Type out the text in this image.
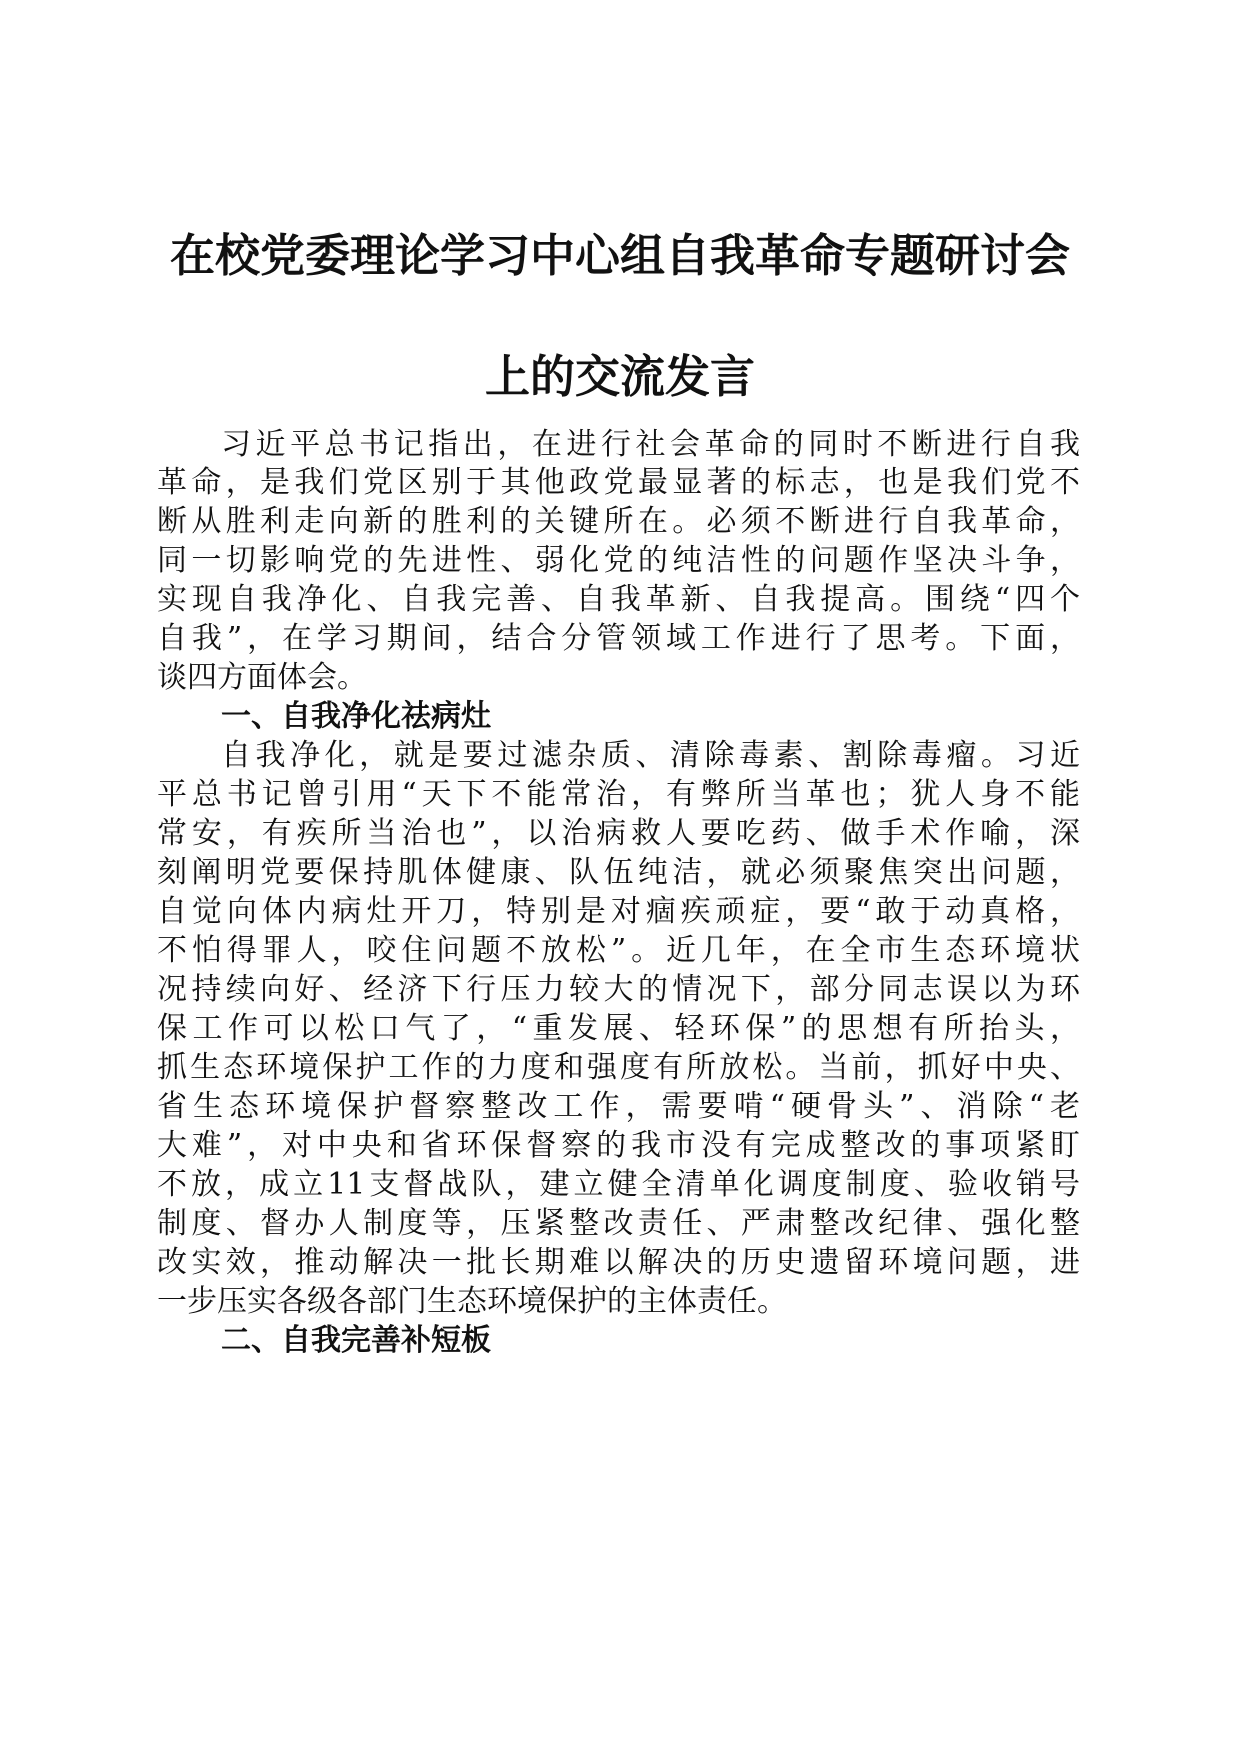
在校党委理论学习中心组自我革命专题研讨会
上的交流发言

习近平总书记指出，在进行社会革命的同时不断进行自我

革命，是我们党区别于其他政党最显著的标志，也是我们党不

断从胜利走向新的胜利的关键所在。必须不断进行自我革命，

同一切影响党的先进性、弱化党的纯洁性的问题作坚决斗争，

实现自我净化、自我完善、自我革新、自我提高。围绕“四个

自我”，在学习期间，结合分管领域工作进行了思考。下面，

谈四方面体会。

一、自我净化祛病灶

自我净化，就是要过滤杂质、清除毒素、割除毒瘤。习近

平总书记曾引用“天下不能常治，有弊所当革也；犹人身不能

常安，有疾所当治也”，以治病救人要吃药、做手术作喻，深

刻阐明党要保持肌体健康、队伍纯洁，就必须聚焦突出问题，

自觉向体内病灶开刀，特别是对痼疾顽症，要“敢于动真格，

不怕得罪人，咬住问题不放松”。近几年，在全市生态环境状

况持续向好、经济下行压力较大的情况下，部分同志误以为环

保工作可以松口气了，“重发展、轻环保”的思想有所抬头，

抓生态环境保护工作的力度和强度有所放松。当前，抓好中央、

省生态环境保护督察整改工作，需要啃“硬骨头”、消除“老

大难”，对中央和省环保督察的我市没有完成整改的事项紧盯

不放，成立11支督战队，建立健全清单化调度制度、验收销号

制度、督办人制度等，压紧整改责任、严肃整改纪律、强化整

改实效，推动解决一批长期难以解决的历史遗留环境问题，进

一步压实各级各部门生态环境保护的主体责任。

二、自我完善补短板
